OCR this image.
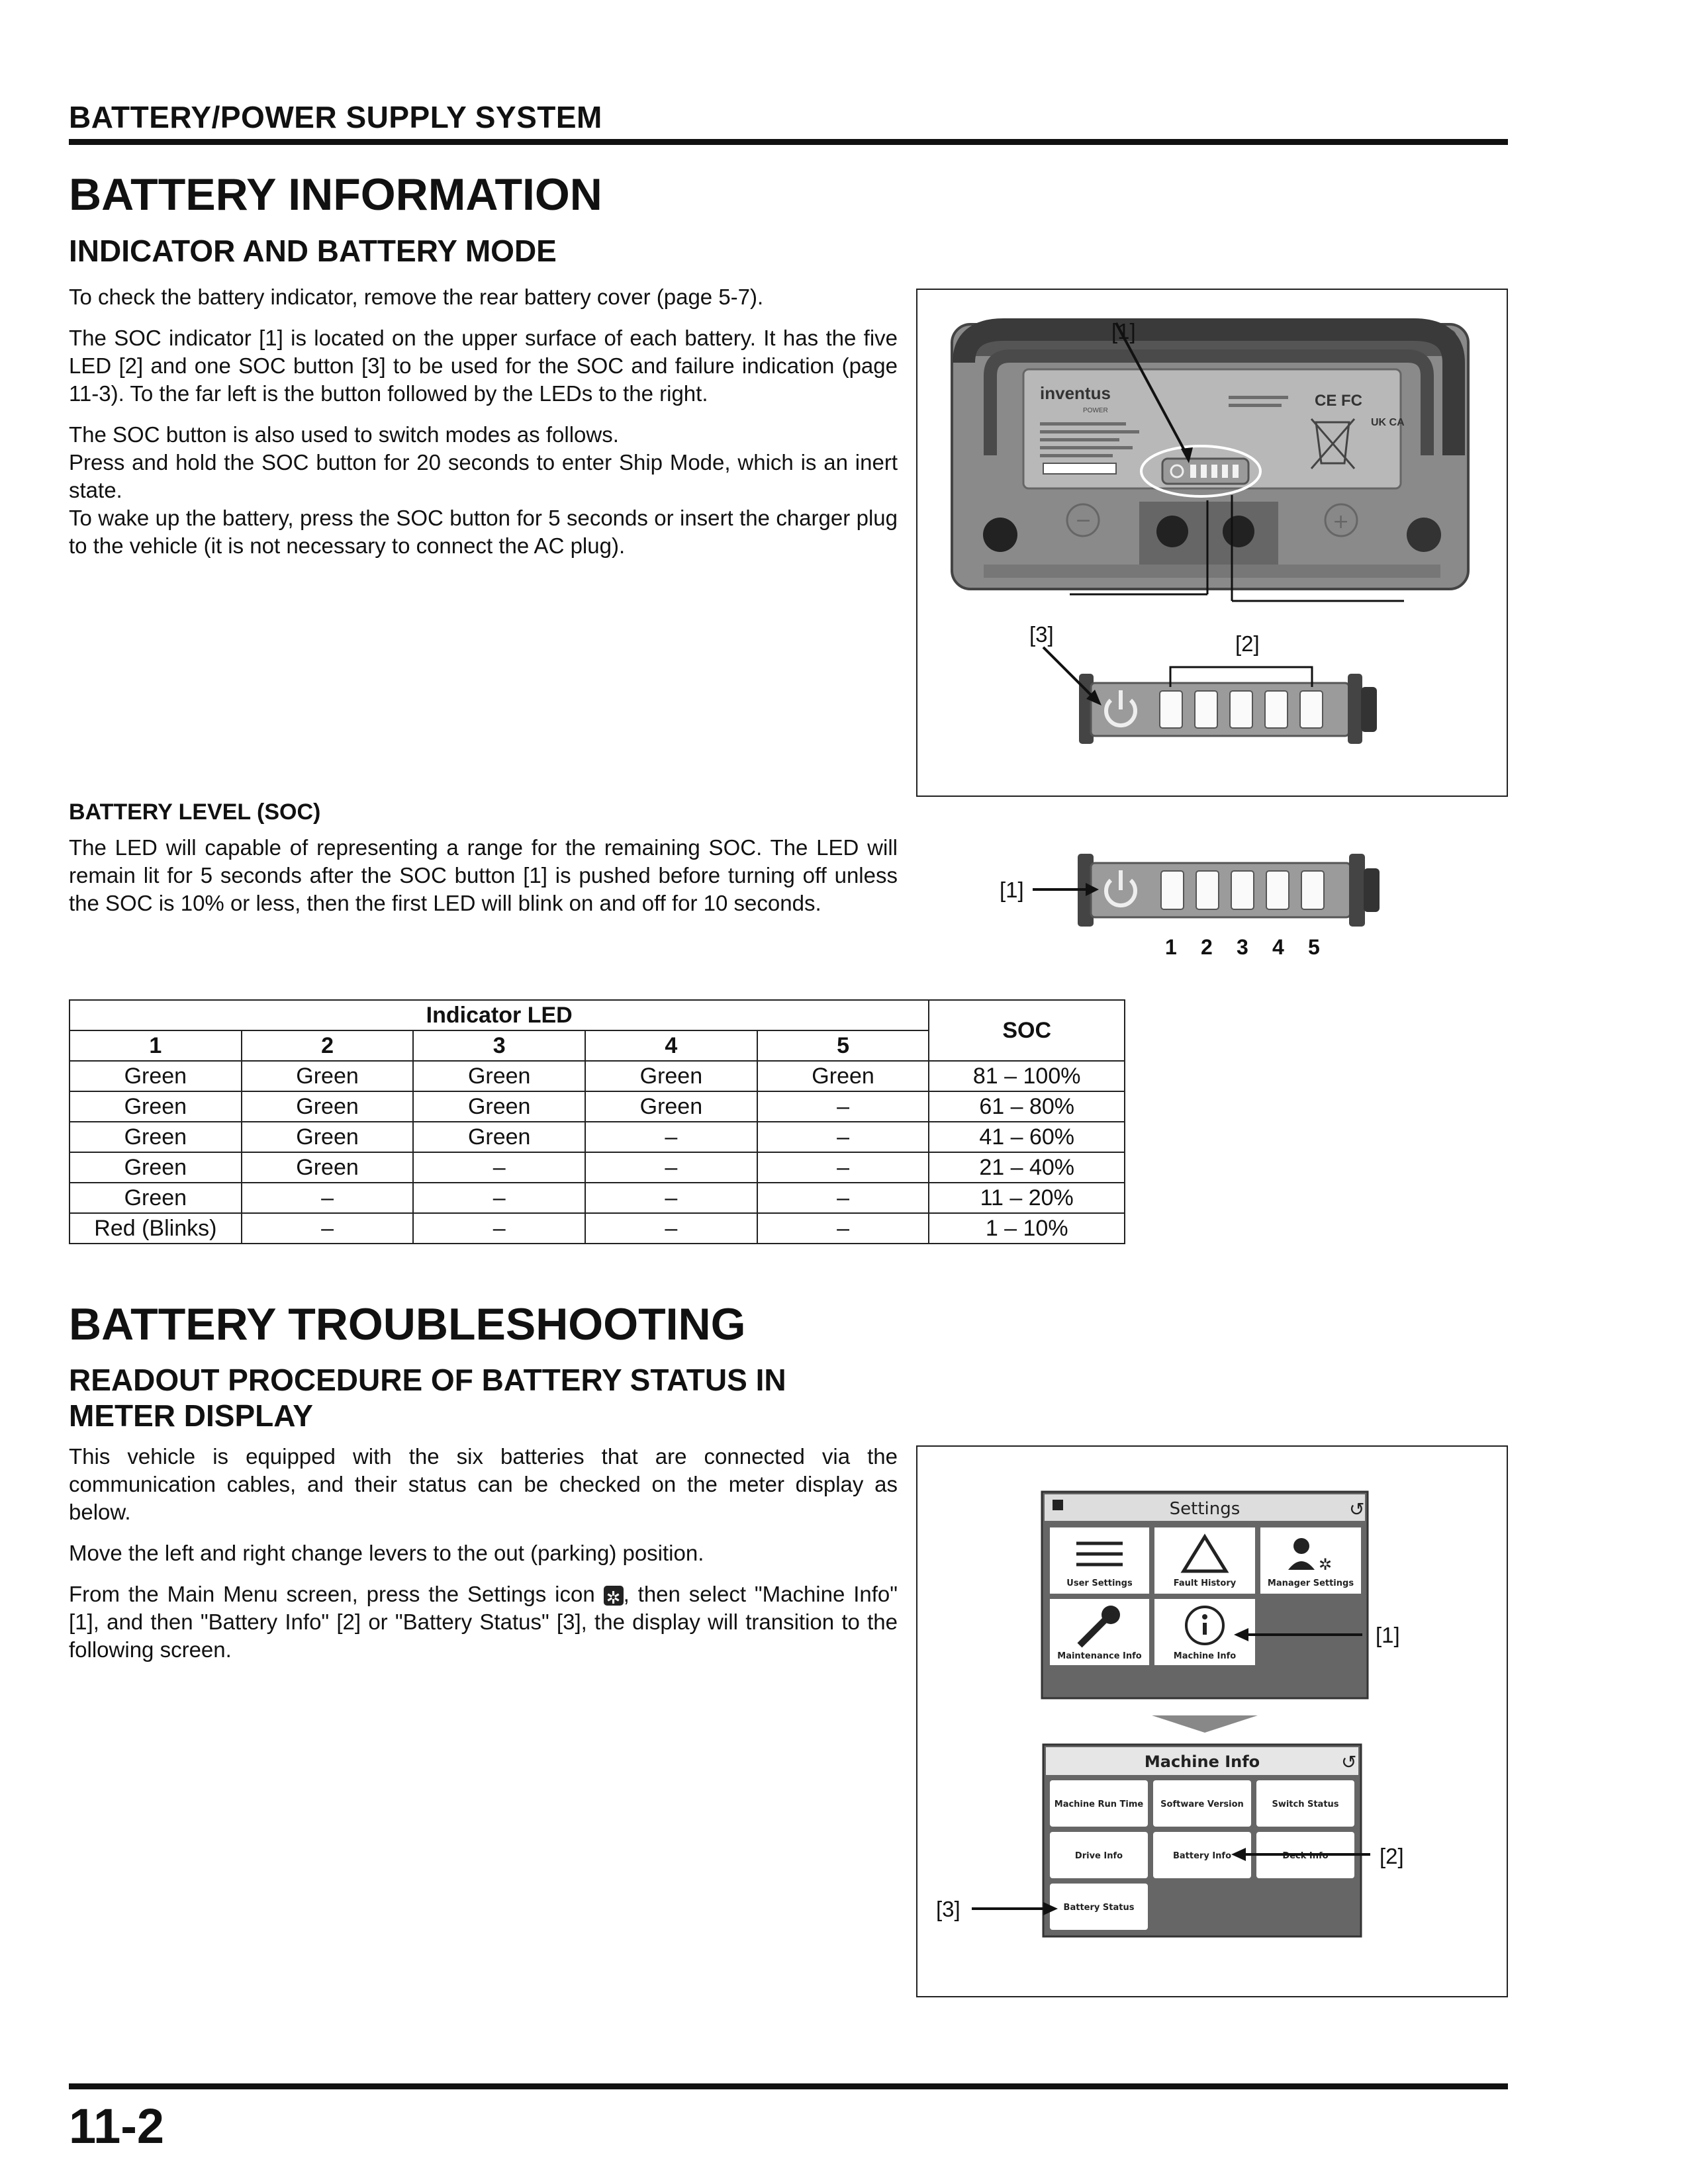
BATTERY/POWER SUPPLY SYSTEM
BATTERY INFORMATION
INDICATOR AND BATTERY MODE

To check the battery indicator, remove the rear battery cover (page 5-7).

The SOC indicator [1] is located on the upper surface of each battery. It has the five LED [2] and one SOC button [3] to be used for the SOC and failure indication (page 11-3). To the far left is the button followed by the LEDs to the right.

The SOC button is also used to switch modes as follows.

Press and hold the SOC button for 20 seconds to enter Ship Mode, which is an inert state.

To wake up the battery, press the SOC button for 5 seconds or insert the charger plug to the vehicle (it is not necessary to connect the AC plug).

inventus
POWER
CE FC
UK CA
−	+
[1]
[3]	[2]
BATTERY LEVEL (SOC)

The LED will capable of representing a range for the remaining SOC. The LED will remain lit for 5 seconds after the SOC button [1] is pushed before turning off unless the SOC is 10% or less, then the first LED will blink on and off for 10 seconds.

[1]
1 2 3 4 5
Indicator LED					SOC
1	2	3	4	5	
Green	Green	Green	Green	Green	81 – 100%
Green	Green	Green	Green	–	61 – 80%
Green	Green	Green	–	–	41 – 60%
Green	Green	–	–	–	21 – 40%
Green	–	–	–	–	11 – 20%
Red (Blinks)	–	–	–	–	1 – 10%
BATTERY TROUBLESHOOTING
READOUT PROCEDURE OF BATTERY STATUS IN
METER DISPLAY

This vehicle is equipped with the six batteries that are connected via the communication cables, and their status can be checked on the meter display as below.

Move the left and right change levers to the out (parking) position.

From the Main Menu screen, press the Settings icon ✲ , then select "Machine Info" [1], and then "Battery Info" [2] or "Battery Status" [3], the display will transition to the following screen.

Settings	↺
User Settings	Fault History
✲
Manager Settings
Maintenance Info	Machine Info
[1]
Machine Info	↺
Machine Run Time Software Version	Switch Status
Drive Info	Battery Info	Deck Info
Battery Status
[2]
[3]
11-2
